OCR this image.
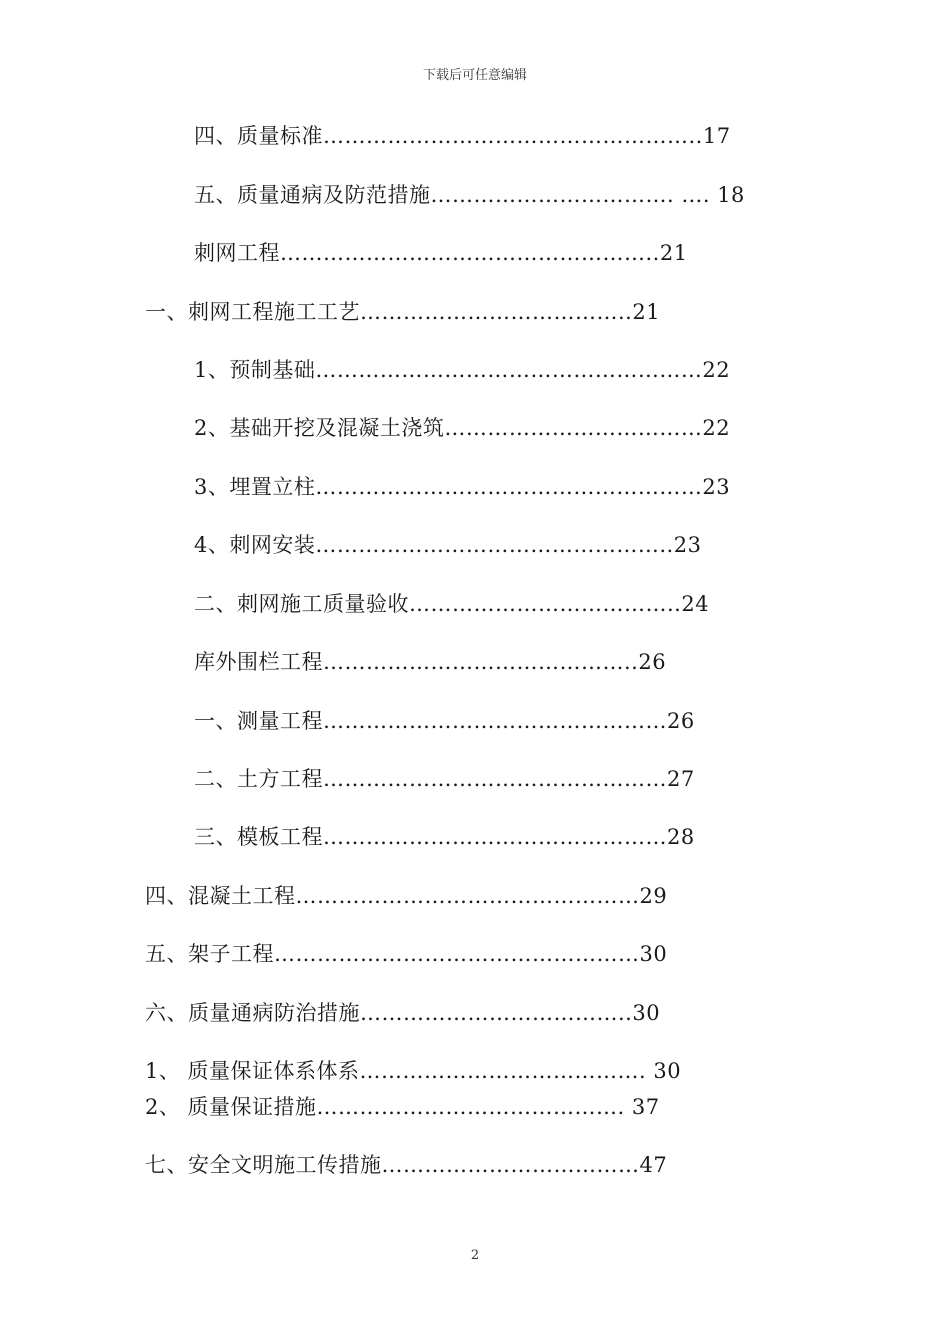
下载后可任意编辑
四、质量标准……………………………………………..17
五、质量通病及防范措施……………………………. …. 18
刺网工程……………………………………………..21
一、刺网工程施工工艺………………………………..21
1、预制基础………………………………………………22
2、基础开挖及混凝土浇筑………………………………22
3、埋置立柱………………………………………………23
4、刺网安装…………………………………………..23
二、刺网施工质量验收………………………………..24
库外围栏工程……………………………………..26
一、测量工程…………………………………………26
二、土方工程…………………………………………27
三、模板工程…………………………………………28
四、混凝土工程…………………………………………29
五、架子工程……………………………………………30
六、质量通病防治措施………………………………..30
1、 质量保证体系体系…………………………………. 30
2、 质量保证措施……………………………………. 37
七、安全文明施工传措施………………………………47
2
